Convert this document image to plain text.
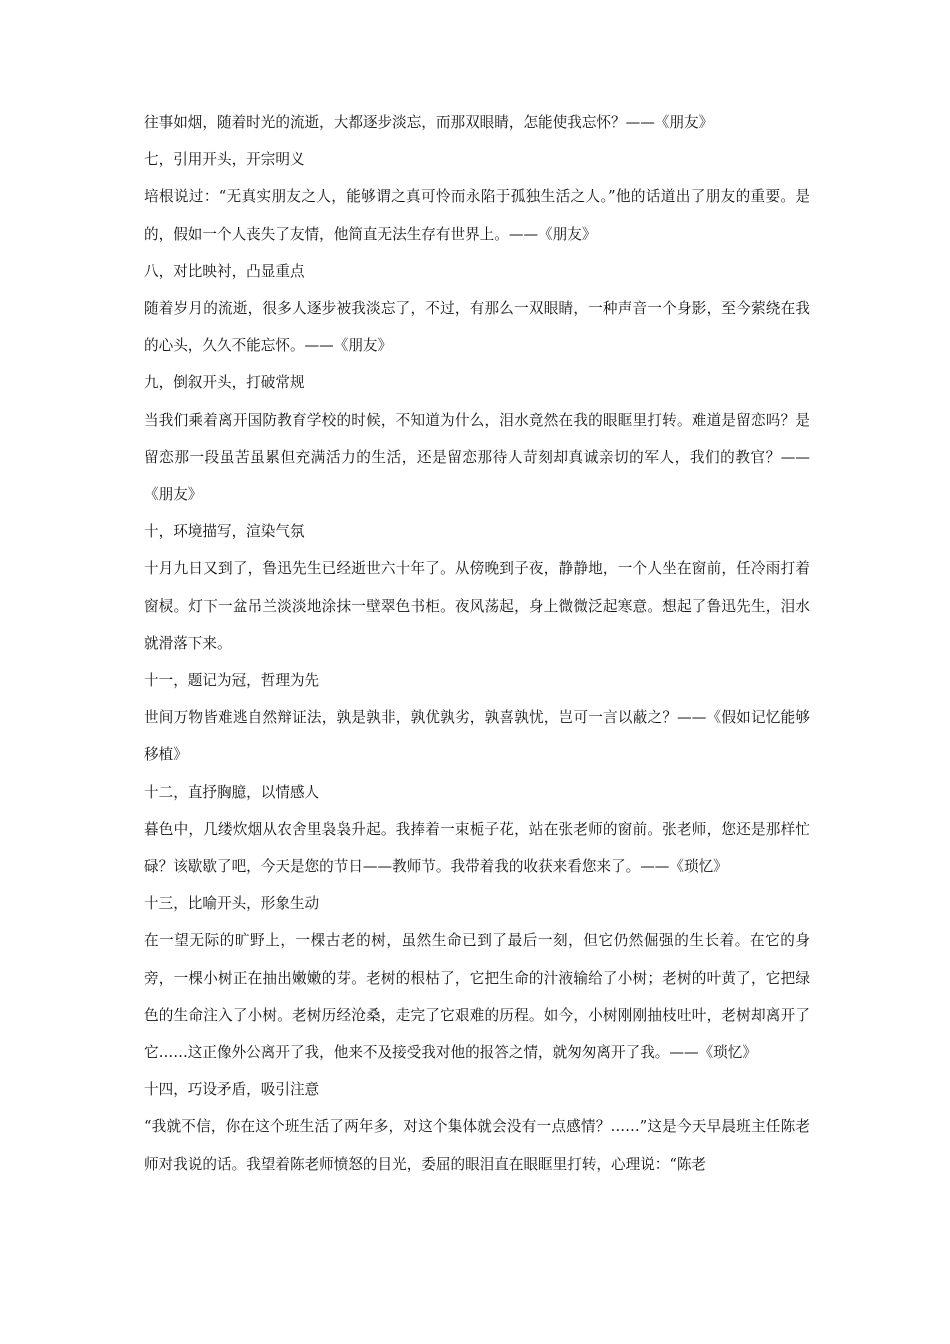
往事如烟，随着时光的流逝，大都逐步淡忘，而那双眼睛，怎能使我忘怀？——《朋友》

七，引用开头，开宗明义

培根说过：“无真实朋友之人，能够谓之真可怜而永陷于孤独生活之人。”他的话道出了朋友的重要。是的，假如一个人丧失了友情，他简直无法生存有世界上。——《朋友》

八，对比映衬，凸显重点

随着岁月的流逝，很多人逐步被我淡忘了，不过，有那么一双眼睛，一种声音一个身影，至今萦绕在我的心头，久久不能忘怀。——《朋友》

九，倒叙开头，打破常规

当我们乘着离开国防教育学校的时候，不知道为什么，泪水竟然在我的眼眶里打转。难道是留恋吗？是留恋那一段虽苦虽累但充满活力的生活，还是留恋那待人苛刻却真诚亲切的军人，我们的教官？——《朋友》

十，环境描写，渲染气氛

十月九日又到了，鲁迅先生已经逝世六十年了。从傍晚到子夜，静静地，一个人坐在窗前，任冷雨打着窗棂。灯下一盆吊兰淡淡地涂抹一壁翠色书柜。夜风荡起，身上微微泛起寒意。想起了鲁迅先生，泪水就滑落下来。

十一，题记为冠，哲理为先

世间万物皆难逃自然辩证法，孰是孰非，孰优孰劣，孰喜孰忧，岂可一言以蔽之？——《假如记忆能够移植》

十二，直抒胸臆，以情感人

暮色中，几缕炊烟从农舍里袅袅升起。我捧着一束栀子花，站在张老师的窗前。张老师，您还是那样忙碌？该歇歇了吧，今天是您的节日——教师节。我带着我的收获来看您来了。——《琐忆》

十三，比喻开头，形象生动

在一望无际的旷野上，一棵古老的树，虽然生命已到了最后一刻，但它仍然倔强的生长着。在它的身旁，一棵小树正在抽出嫩嫩的芽。老树的根枯了，它把生命的汁液输给了小树；老树的叶黄了，它把绿色的生命注入了小树。老树历经沧桑，走完了它艰难的历程。如今，小树刚刚抽枝吐叶，老树却离开了它……这正像外公离开了我，他来不及接受我对他的报答之情，就匆匆离开了我。——《琐忆》

十四，巧设矛盾，吸引注意

“我就不信，你在这个班生活了两年多，对这个集体就会没有一点感情？……”这是今天早晨班主任陈老师对我说的话。我望着陈老师愤怒的目光，委屈的眼泪直在眼眶里打转，心理说：“陈老
